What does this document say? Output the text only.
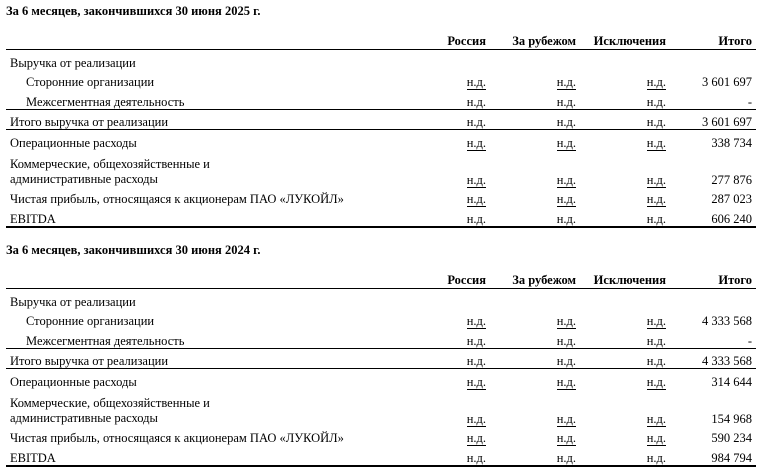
За 6 месяцев, закончившихся 30 июня 2025 г.
	Россия	За рубежом	Исключения	Итого
Выручка от реализации				
Сторонние организации	н.д.	н.д.	н.д.	3 601 697
Межсегментная деятельность	н.д.	н.д.	н.д.	-
Итого выручка от реализации	н.д.	н.д.	н.д.	3 601 697
Операционные расходы	н.д.	н.д.	н.д.	338 734
Коммерческие, общехозяйственные и административные расходы	н.д.	н.д.	н.д.	277 876
Чистая прибыль, относящаяся к акционерам ПАО «ЛУКОЙЛ»	н.д.	н.д.	н.д.	287 023
EBITDA	н.д.	н.д.	н.д.	606 240
За 6 месяцев, закончившихся 30 июня 2024 г.
	Россия	За рубежом	Исключения	Итого
Выручка от реализации				
Сторонние организации	н.д.	н.д.	н.д.	4 333 568
Межсегментная деятельность	н.д.	н.д.	н.д.	-
Итого выручка от реализации	н.д.	н.д.	н.д.	4 333 568
Операционные расходы	н.д.	н.д.	н.д.	314 644
Коммерческие, общехозяйственные и административные расходы	н.д.	н.д.	н.д.	154 968
Чистая прибыль, относящаяся к акционерам ПАО «ЛУКОЙЛ»	н.д.	н.д.	н.д.	590 234
EBITDA	н.д.	н.д.	н.д.	984 794
